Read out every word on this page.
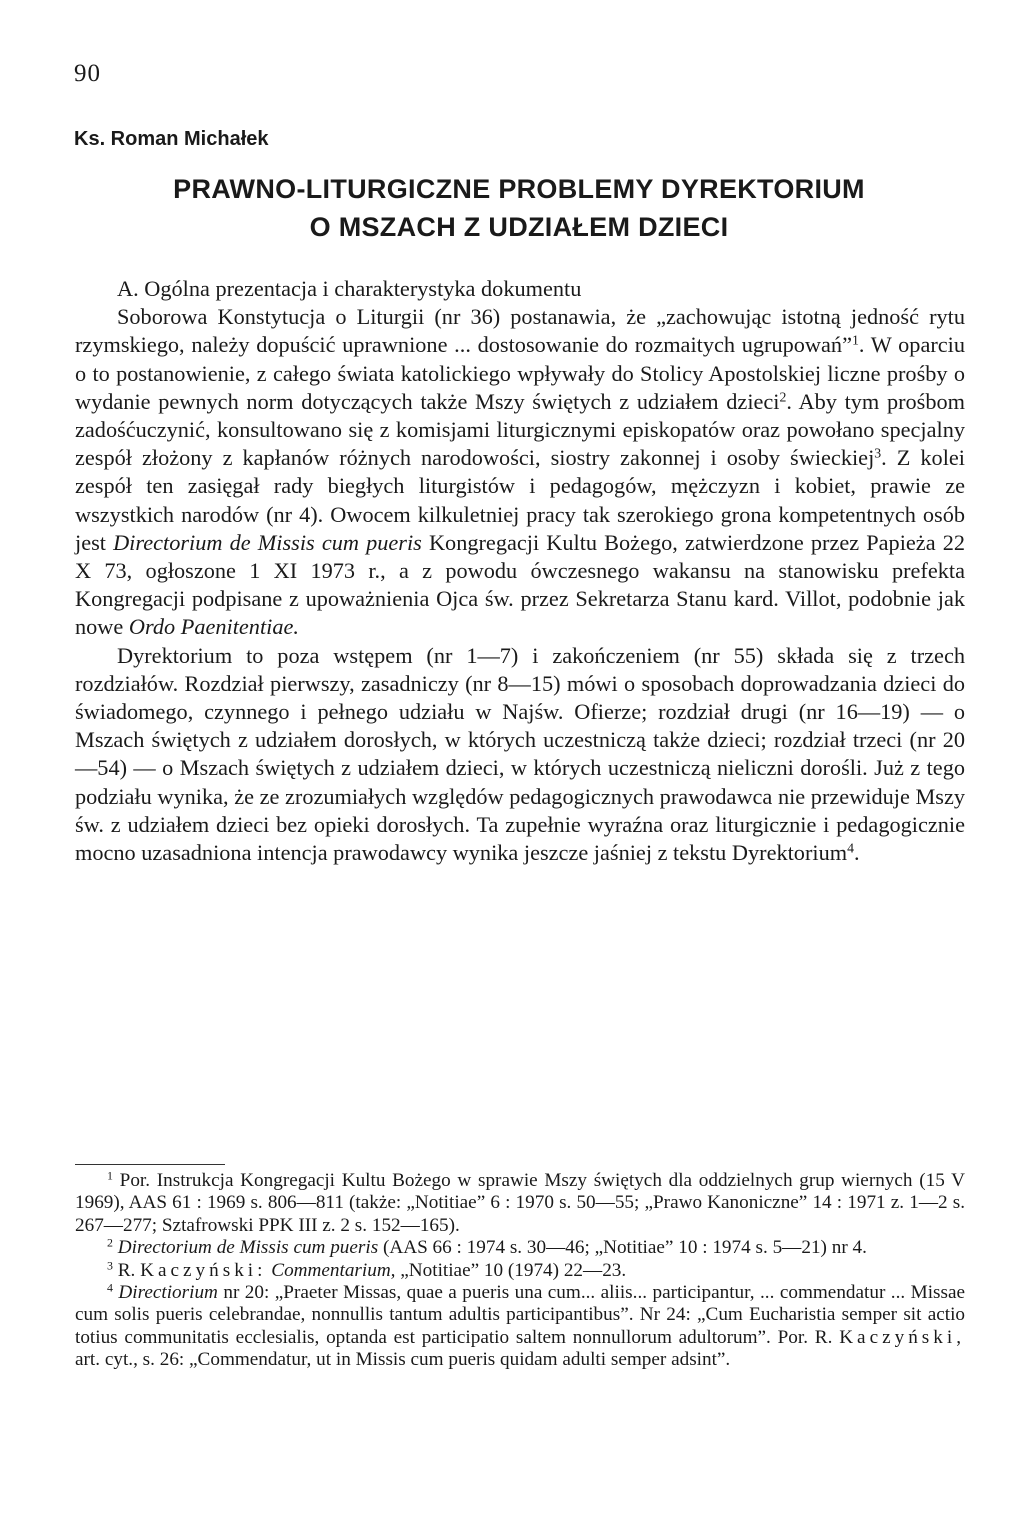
90
Ks. Roman Michałek
PRAWNO-LITURGICZNE PROBLEMY DYREKTORIUM
O MSZACH Z UDZIAŁEM DZIECI

A. Ogólna prezentacja i charakterystyka dokumentu

Soborowa Konstytucja o Liturgii (nr 36) postanawia, że „zachowując istotną jedność rytu rzymskiego, należy dopuścić uprawnione ... dostosowanie do rozmaitych ugrupowań”$^1$. W oparciu o to postanowienie, z całego świata katolickiego wpływały do Stolicy Apostolskiej liczne prośby o wydanie pewnych norm dotyczących także Mszy świętych z udziałem dzieci$^2$. Aby tym prośbom zadośćuczynić, konsultowano się z komisjami liturgicznymi episkopatów oraz powołano specjalny zespół złożony z kapłanów różnych narodowości, siostry zakonnej i osoby świeckiej$^3$. Z kolei zespół ten zasięgał rady biegłych liturgistów i pedagogów, mężczyzn i kobiet, prawie ze wszystkich narodów (nr 4). Owocem kilkuletniej pracy tak szerokiego grona kompetentnych osób jest Directorium de Missis cum pueris Kongregacji Kultu Bożego, zatwierdzone przez Papieża 22 X 73, ogłoszone 1 XI 1973 r., a z powodu ówczesnego wakansu na stanowisku prefekta Kongregacji podpisane z upoważnienia Ojca św. przez Sekretarza Stanu kard. Villot, podobnie jak nowe Ordo Paenitentiae.

Dyrektorium to poza wstępem (nr 1—7) i zakończeniem (nr 55) składa się z trzech rozdziałów. Rozdział pierwszy, zasadniczy (nr 8—15) mówi o sposobach doprowadzania dzieci do świadomego, czynnego i pełnego udziału w Najśw. Ofierze; rozdział drugi (nr 16—19) — o Mszach świętych z udziałem dorosłych, w których uczestniczą także dzieci; rozdział trzeci (nr 20—54) — o Mszach świętych z udziałem dzieci, w których uczestniczą nieliczni dorośli. Już z tego podziału wynika, że ze zrozumiałych względów pedagogicznych prawodawca nie przewiduje Mszy św. z udziałem dzieci bez opieki dorosłych. Ta zupełnie wyraźna oraz liturgicznie i pedagogicznie mocno uzasadniona intencja prawodawcy wynika jeszcze jaśniej z tekstu Dyrektorium$^4$.

$^1$ Por. Instrukcja Kongregacji Kultu Bożego w sprawie Mszy świętych dla oddzielnych grup wiernych (15 V 1969), AAS 61 : 1969 s. 806—811 (także: „Notitiae” 6 : 1970 s. 50—55; „Prawo Kanoniczne” 14 : 1971 z. 1—2 s. 267—277; Sztafrowski PPK III z. 2 s. 152—165).

$^2$ Directorium de Missis cum pueris (AAS 66 : 1974 s. 30—46; „Notitiae” 10 : 1974 s. 5—21) nr 4.

$^3$ R. Kaczyński: Commentarium, „Notitiae” 10 (1974) 22—23.

$^4$ Directiorium nr 20: „Praeter Missas, quae a pueris una cum... aliis... participantur, ... commendatur ... Missae cum solis pueris celebrandae, nonnullis tantum adultis participantibus”. Nr 24: „Cum Eucharistia semper sit actio totius communitatis ecclesialis, optanda est participatio saltem nonnullorum adultorum”. Por. R. Kaczyński, art. cyt., s. 26: „Commendatur, ut in Missis cum pueris quidam adulti semper adsint”.
